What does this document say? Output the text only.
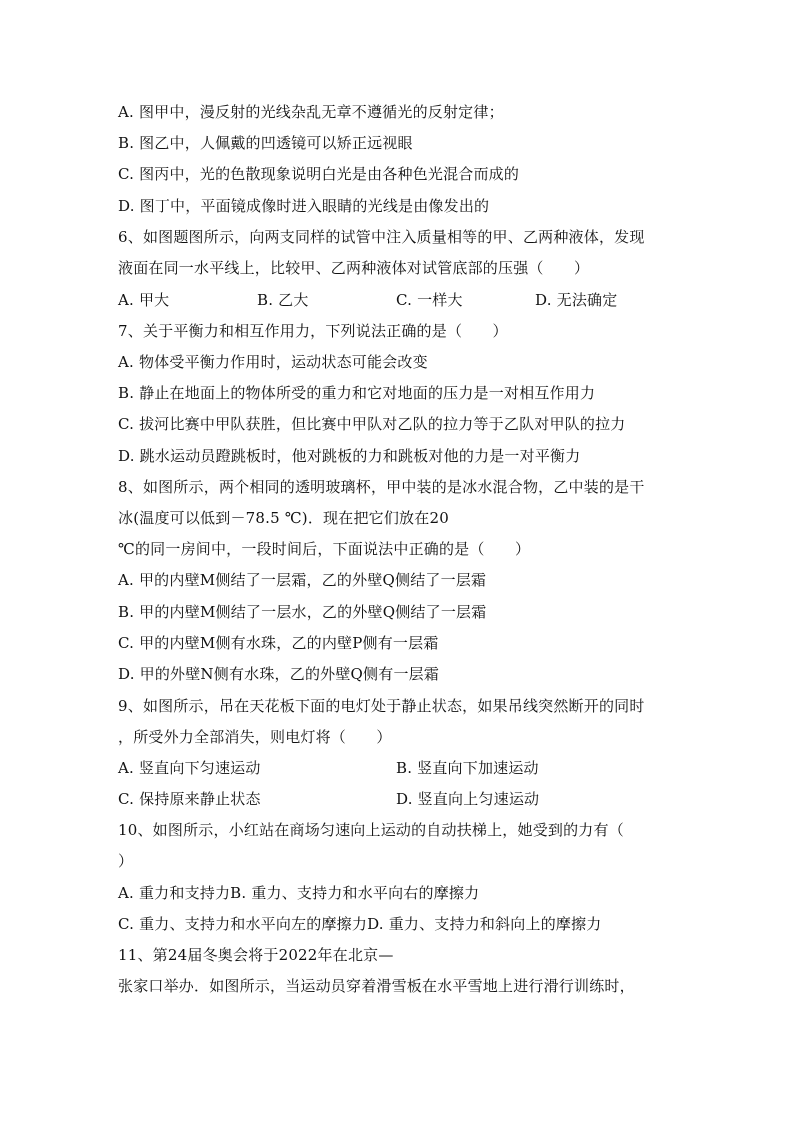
A. 图甲中，漫反射的光线杂乱无章不遵循光的反射定律；
B. 图乙中，人佩戴的凹透镜可以矫正远视眼
C. 图丙中，光的色散现象说明白光是由各种色光混合而成的
D. 图丁中，平面镜成像时进入眼睛的光线是由像发出的
6、如图题图所示，向两支同样的试管中注入质量相等的甲、乙两种液体，发现
液面在同一水平线上，比较甲、乙两种液体对试管底部的压强（　　）
A. 甲大	B. 乙大	C. 一样大	D. 无法确定
7、关于平衡力和相互作用力，下列说法正确的是（　　）
A. 物体受平衡力作用时，运动状态可能会改变
B. 静止在地面上的物体所受的重力和它对地面的压力是一对相互作用力
C. 拔河比赛中甲队获胜，但比赛中甲队对乙队的拉力等于乙队对甲队的拉力
D. 跳水运动员蹬跳板时，他对跳板的力和跳板对他的力是一对平衡力
8、如图所示，两个相同的透明玻璃杯，甲中装的是冰水混合物，乙中装的是干
冰(温度可以低到－78.5 ℃)．现在把它们放在20
℃的同一房间中，一段时间后，下面说法中正确的是（　　）
A. 甲的内壁M侧结了一层霜，乙的外壁Q侧结了一层霜
B. 甲的内壁M侧结了一层水，乙的外壁Q侧结了一层霜
C. 甲的内壁M侧有水珠，乙的内壁P侧有一层霜
D. 甲的外壁N侧有水珠，乙的外壁Q侧有一层霜
9、如图所示，吊在天花板下面的电灯处于静止状态，如果吊线突然断开的同时
，所受外力全部消失，则电灯将（　　）
A. 竖直向下匀速运动	B. 竖直向下加速运动
C. 保持原来静止状态	D. 竖直向上匀速运动
10、如图所示，小红站在商场匀速向上运动的自动扶梯上，她受到的力有（
）
A. 重力和支持力B. 重力、支持力和水平向右的摩擦力
C. 重力、支持力和水平向左的摩擦力D. 重力、支持力和斜向上的摩擦力
11、第24届冬奥会将于2022年在北京—
张家口举办．如图所示，当运动员穿着滑雪板在水平雪地上进行滑行训练时，
